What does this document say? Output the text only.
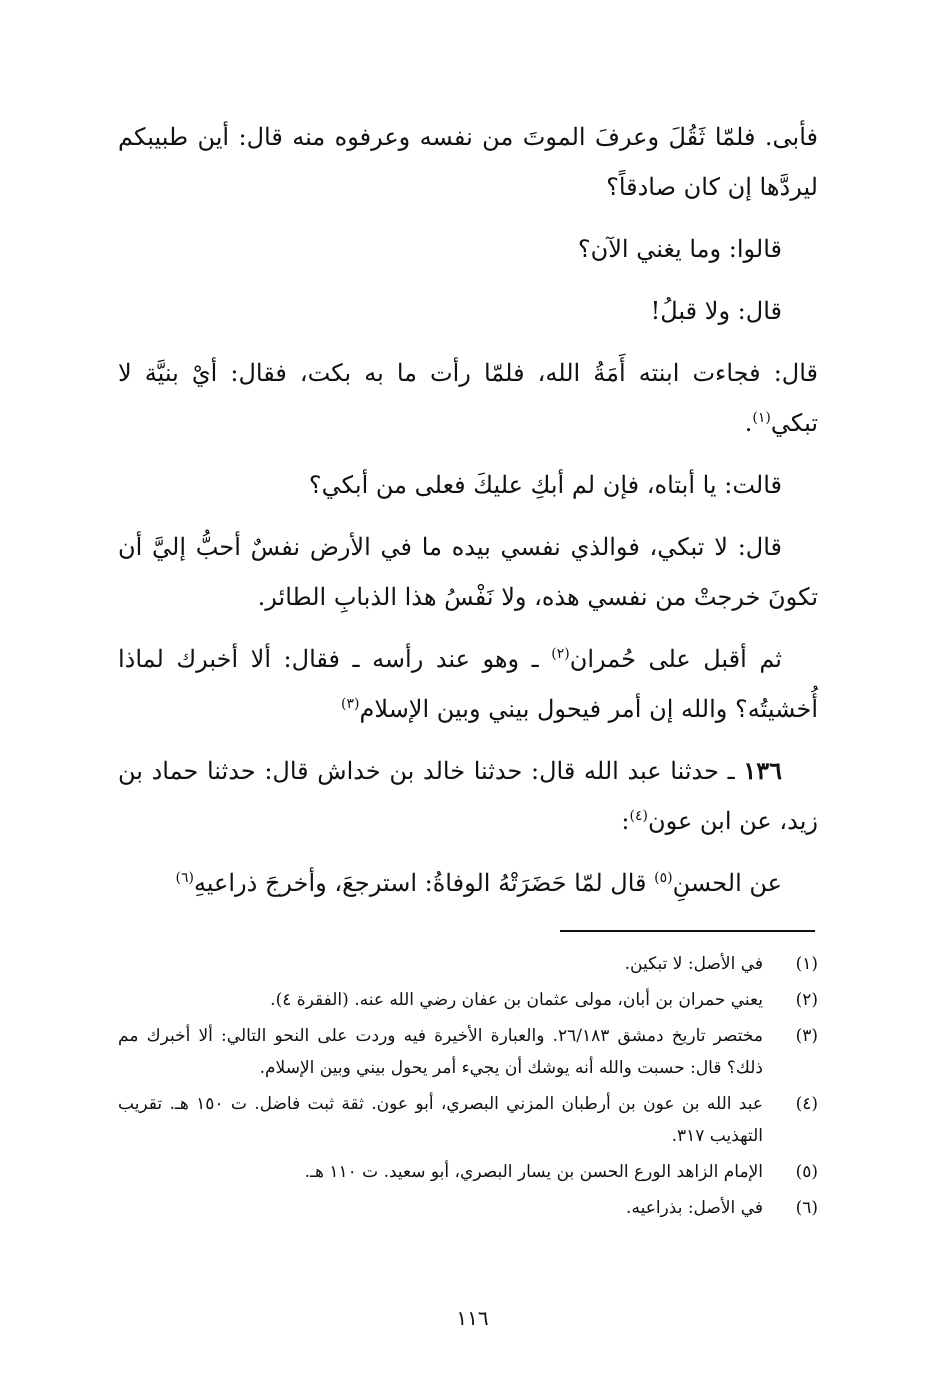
فأبى. فلمّا ثَقُلَ وعرفَ الموتَ من نفسه وعرفوه منه قال: أين طبيبكم ليردَّها إن كان صادقاً؟

قالوا: وما يغني الآن؟

قال: ولا قبلُ!

قال: فجاءت ابنته أَمَةُ الله، فلمّا رأت ما به بكت، فقال: أيْ بنيَّة لا تبكي$^{(١)}$.

قالت: يا أبتاه، فإن لم أبكِ عليكَ فعلى من أبكي؟

قال: لا تبكي، فوالذي نفسي بيده ما في الأرض نفسٌ أحبُّ إليَّ أن تكونَ خرجتْ من نفسي هذه، ولا نَفْسُ هذا الذبابِ الطائر.

ثم أقبل على حُمران$^{(٢)}$ ـ وهو عند رأسه ـ فقال: ألا أخبرك لماذا أُخشيتُه؟ والله إن أمر فيحول بيني وبين الإسلام$^{(٣)}$

١٣٦ ـ حدثنا عبد الله قال: حدثنا خالد بن خداش قال: حدثنا حماد بن زيد، عن ابن عون$^{(٤)}$:

عن الحسنِ$^{(٥)}$ قال لمّا حَضَرَتْهُ الوفاةُ: استرجعَ، وأخرجَ ذراعيهِ$^{(٦)}$

(١)
في الأصل: لا تبكين.
(٢)
يعني حمران بن أبان، مولى عثمان بن عفان رضي الله عنه. (الفقرة ٤).
(٣)
مختصر تاريخ دمشق ٢٦/١٨٣. والعبارة الأخيرة فيه وردت على النحو التالي: ألا أخبرك مم ذلك؟ قال: حسبت والله أنه يوشك أن يجيء أمر يحول بيني وبين الإسلام.
(٤)
عبد الله بن عون بن أرطبان المزني البصري، أبو عون. ثقة ثبت فاضل. ت ١٥٠ هـ. تقريب التهذيب ٣١٧.
(٥)
الإمام الزاهد الورع الحسن بن يسار البصري، أبو سعيد. ت ١١٠ هـ.
(٦)
في الأصل: بذراعيه.
١١٦
